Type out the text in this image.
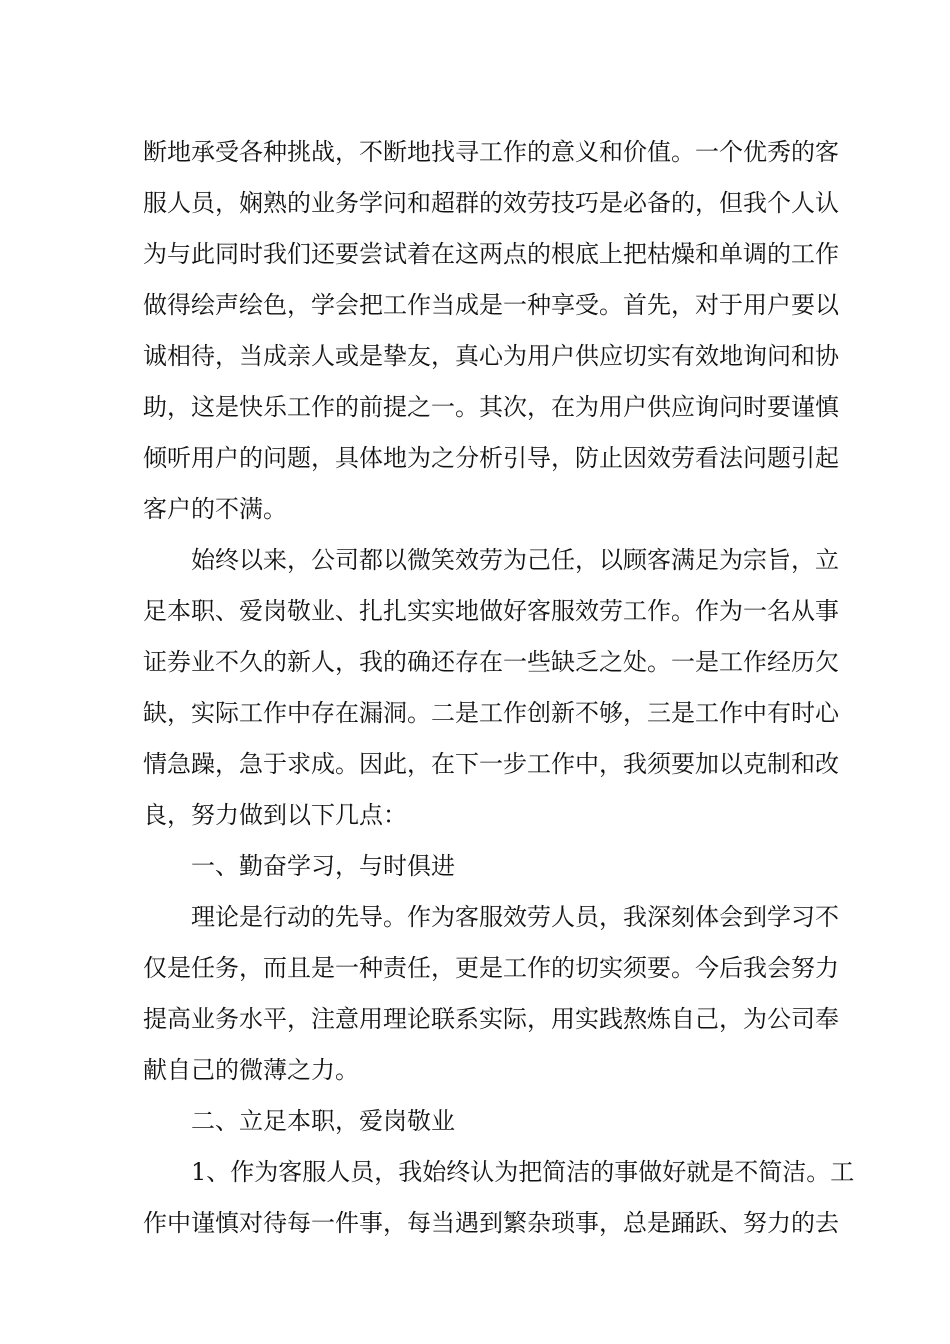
断地承受各种挑战，不断地找寻工作的意义和价值。一个优秀的客
服人员，娴熟的业务学问和超群的效劳技巧是必备的，但我个人认
为与此同时我们还要尝试着在这两点的根底上把枯燥和单调的工作
做得绘声绘色，学会把工作当成是一种享受。首先，对于用户要以
诚相待，当成亲人或是挚友，真心为用户供应切实有效地询问和协
助，这是快乐工作的前提之一。其次，在为用户供应询问时要谨慎
倾听用户的问题，具体地为之分析引导，防止因效劳看法问题引起
客户的不满。
始终以来，公司都以微笑效劳为己任，以顾客满足为宗旨，立
足本职、爱岗敬业、扎扎实实地做好客服效劳工作。作为一名从事
证券业不久的新人，我的确还存在一些缺乏之处。一是工作经历欠
缺，实际工作中存在漏洞。二是工作创新不够，三是工作中有时心
情急躁，急于求成。因此，在下一步工作中，我须要加以克制和改
良，努力做到以下几点：
一、勤奋学习，与时俱进
理论是行动的先导。作为客服效劳人员，我深刻体会到学习不
仅是任务，而且是一种责任，更是工作的切实须要。今后我会努力
提高业务水平，注意用理论联系实际，用实践熬炼自己，为公司奉
献自己的微薄之力。
二、立足本职，爱岗敬业
1、作为客服人员，我始终认为把简洁的事做好就是不简洁。工
作中谨慎对待每一件事，每当遇到繁杂琐事，总是踊跃、努力的去
